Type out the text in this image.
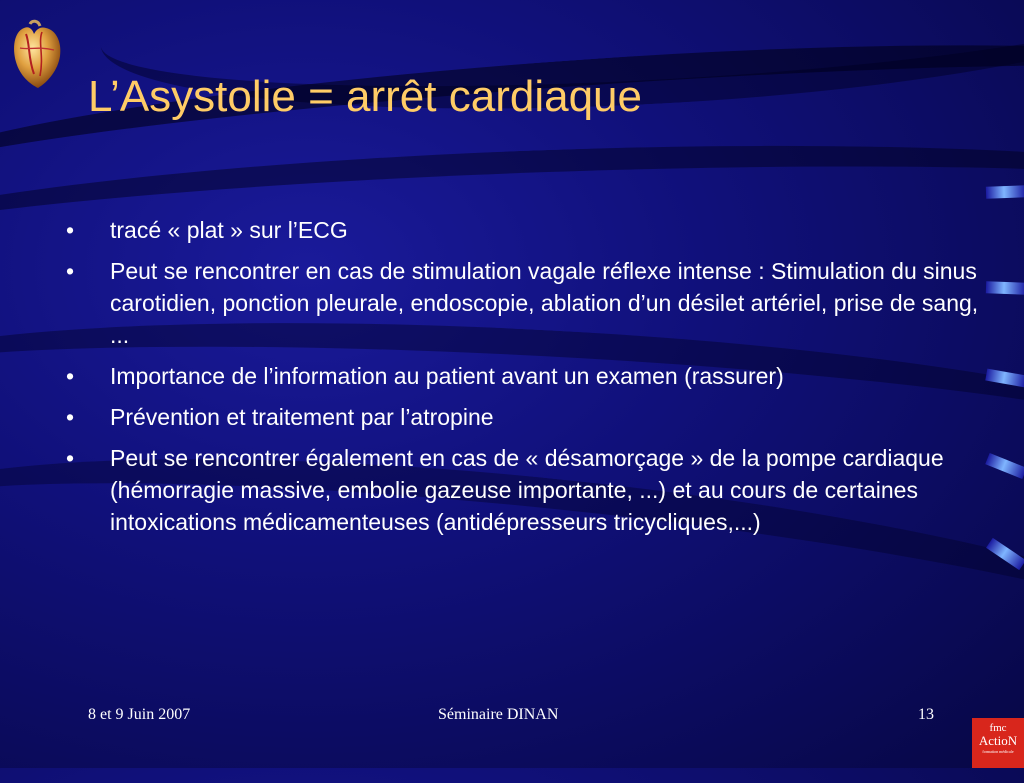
L’Asystolie = arrêt cardiaque
•	tracé « plat » sur l’ECG
•	Peut se rencontrer en cas de stimulation vagale réflexe intense : Stimulation du sinus carotidien, ponction pleurale, endoscopie, ablation d’un désilet artériel, prise de sang, ...
•	Importance de l’information au patient avant un examen (rassurer)
•	Prévention et traitement par l’atropine
•	Peut se rencontrer également en cas de « désamorçage » de la pompe cardiaque (hémorragie massive, embolie gazeuse importante, ...) et au cours de certaines intoxications médicamenteuses (antidépresseurs tricycliques,...)
8 et 9 Juin 2007	Séminaire DINAN	13
fmc
ActioN
formation médicale
